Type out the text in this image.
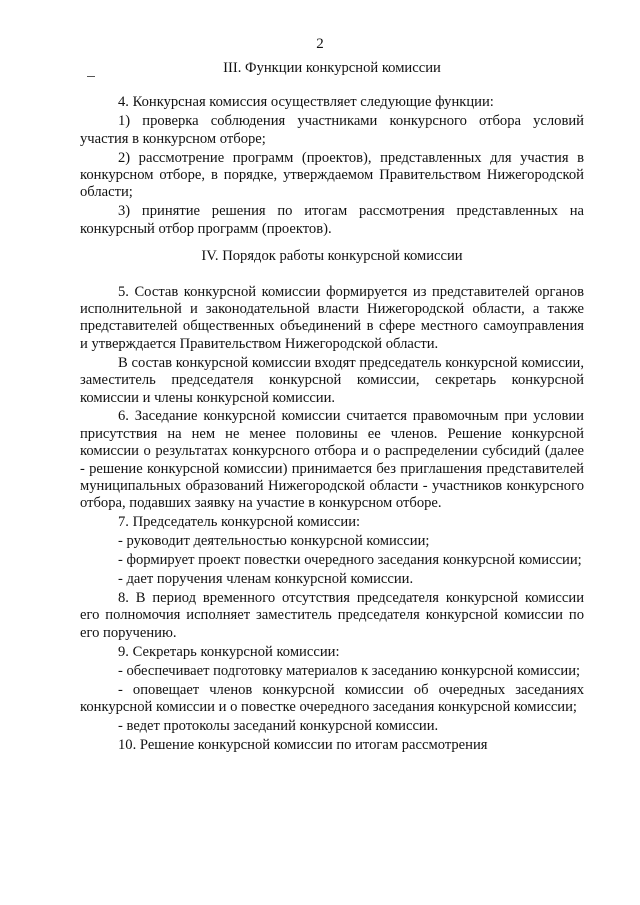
2

III. Функции конкурсной комиссии

4. Конкурсная комиссия осуществляет следующие функции:

1) проверка соблюдения участниками конкурсного отбора условий участия в конкурсном отборе;

2) рассмотрение программ (проектов), представленных для участия в конкурсном отборе, в порядке, утверждаемом Правительством Нижегородской области;

3) принятие решения по итогам рассмотрения представленных на конкурсный отбор программ (проектов).

IV. Порядок работы конкурсной комиссии

5. Состав конкурсной комиссии формируется из представителей органов исполнительной и законодательной власти Нижегородской области, а также представителей общественных объединений в сфере местного самоуправления и утверждается Правительством Нижегородской области.

В состав конкурсной комиссии входят председатель конкурсной комиссии, заместитель председателя конкурсной комиссии, секретарь конкурсной комиссии и члены конкурсной комиссии.

6. Заседание конкурсной комиссии считается правомочным при условии присутствия на нем не менее половины ее членов. Решение конкурсной комиссии о результатах конкурсного отбора и о распределении субсидий (далее - решение конкурсной комиссии) принимается без приглашения представителей муниципальных образований Нижегородской области - участников конкурсного отбора, подавших заявку на участие в конкурсном отборе.

7. Председатель конкурсной комиссии:

- руководит деятельностью конкурсной комиссии;

- формирует проект повестки очередного заседания конкурсной комиссии;

- дает поручения членам конкурсной комиссии.

8. В период временного отсутствия председателя конкурсной комиссии его полномочия исполняет заместитель председателя конкурсной комиссии по его поручению.

9. Секретарь конкурсной комиссии:

- обеспечивает подготовку материалов к заседанию конкурсной комиссии;

- оповещает членов конкурсной комиссии об очередных заседаниях конкурсной комиссии и о повестке очередного заседания конкурсной комиссии;

- ведет протоколы заседаний конкурсной комиссии.

10. Решение конкурсной комиссии по итогам рассмотрения
